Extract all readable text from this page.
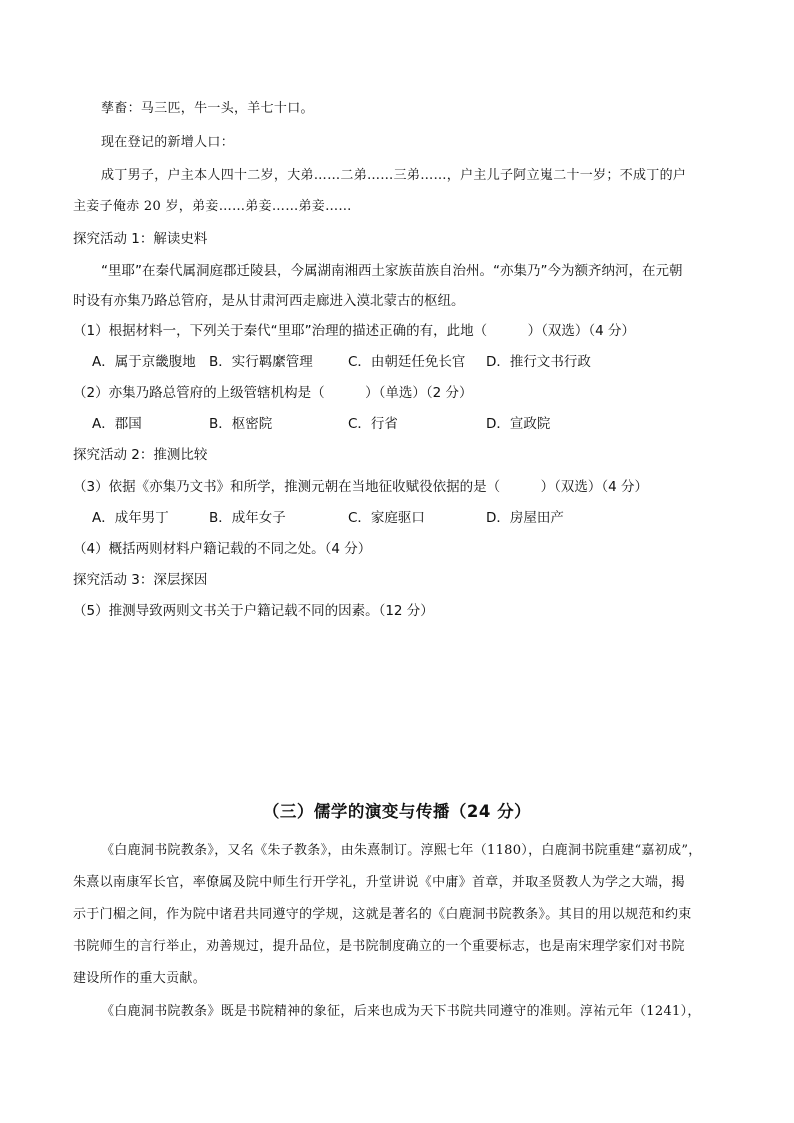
孳畜：马三匹，牛一头，羊七十口。
现在登记的新增人口：
成丁男子，户主本人四十二岁，大弟……二弟……三弟……，户主儿子阿立嵬二十一岁；不成丁的户
主妾子俺赤 20 岁，弟妾……弟妾……弟妾……
探究活动 1：解读史料
“里耶”在秦代属洞庭郡迁陵县，今属湖南湘西土家族苗族自治州。“亦集乃”今为额齐纳河，在元朝
时设有亦集乃路总管府，是从甘肃河西走廊进入漠北蒙古的枢纽。
（1）根据材料一，下列关于秦代“里耶”治理的描述正确的有，此地（　　　）（双选）（4 分）
A．属于京畿腹地 B．实行羁縻管理	C．由朝廷任免长官 D．推行文书行政
（2）亦集乃路总管府的上级管辖机构是（　　　）（单选）（2 分）
A．郡国	B．枢密院	C．行省	D．宣政院
探究活动 2：推测比较
（3）依据《亦集乃文书》和所学，推测元朝在当地征收赋役依据的是（　　　）（双选）（4 分）
A．成年男丁	B．成年女子	C．家庭驱口	D．房屋田产
（4）概括两则材料户籍记载的不同之处。（4 分）
探究活动 3：深层探因
（5）推测导致两则文书关于户籍记载不同的因素。（12 分）
（三）儒学的演变与传播（24 分）
《白鹿洞书院教条》，又名《朱子教条》，由朱熹制订。淳熙七年（1180），白鹿洞书院重建“嘉初成”，
朱熹以南康军长官，率僚属及院中师生行开学礼，升堂讲说《中庸》首章，并取圣贤教人为学之大端，揭
示于门楣之间，作为院中诸君共同遵守的学规，这就是著名的《白鹿洞书院教条》。其目的用以规范和约束
书院师生的言行举止，劝善规过，提升品位，是书院制度确立的一个重要标志，也是南宋理学家们对书院
建设所作的重大贡献。
《白鹿洞书院教条》既是书院精神的象征，后来也成为天下书院共同遵守的准则。淳祐元年（1241），
